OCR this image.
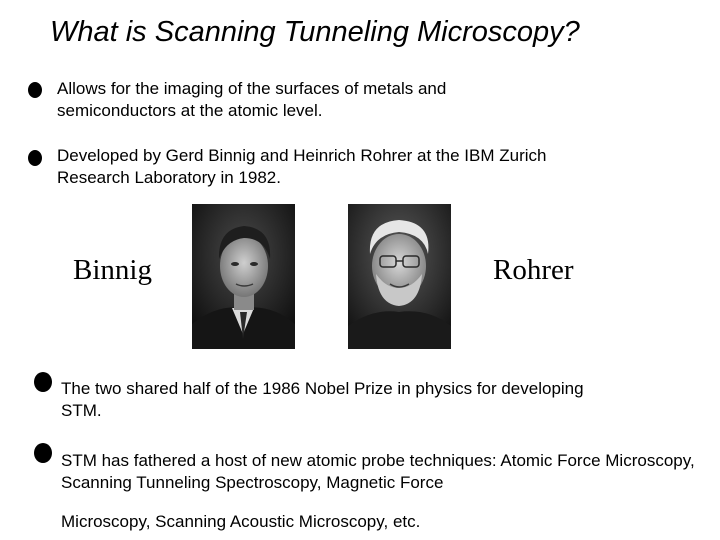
What is Scanning Tunneling Microscopy?
Allows for the imaging of the surfaces of metals and semiconductors at the atomic level.
Developed by Gerd Binnig and Heinrich Rohrer at the IBM Zurich Research Laboratory in 1982.
Binnig	Rohrer
The two shared half of the 1986 Nobel Prize in physics for developing STM.
STM has fathered a host of new atomic probe techniques: Atomic Force Microscopy, Scanning Tunneling Spectroscopy, Magnetic Force
Microscopy, Scanning Acoustic Microscopy, etc.
